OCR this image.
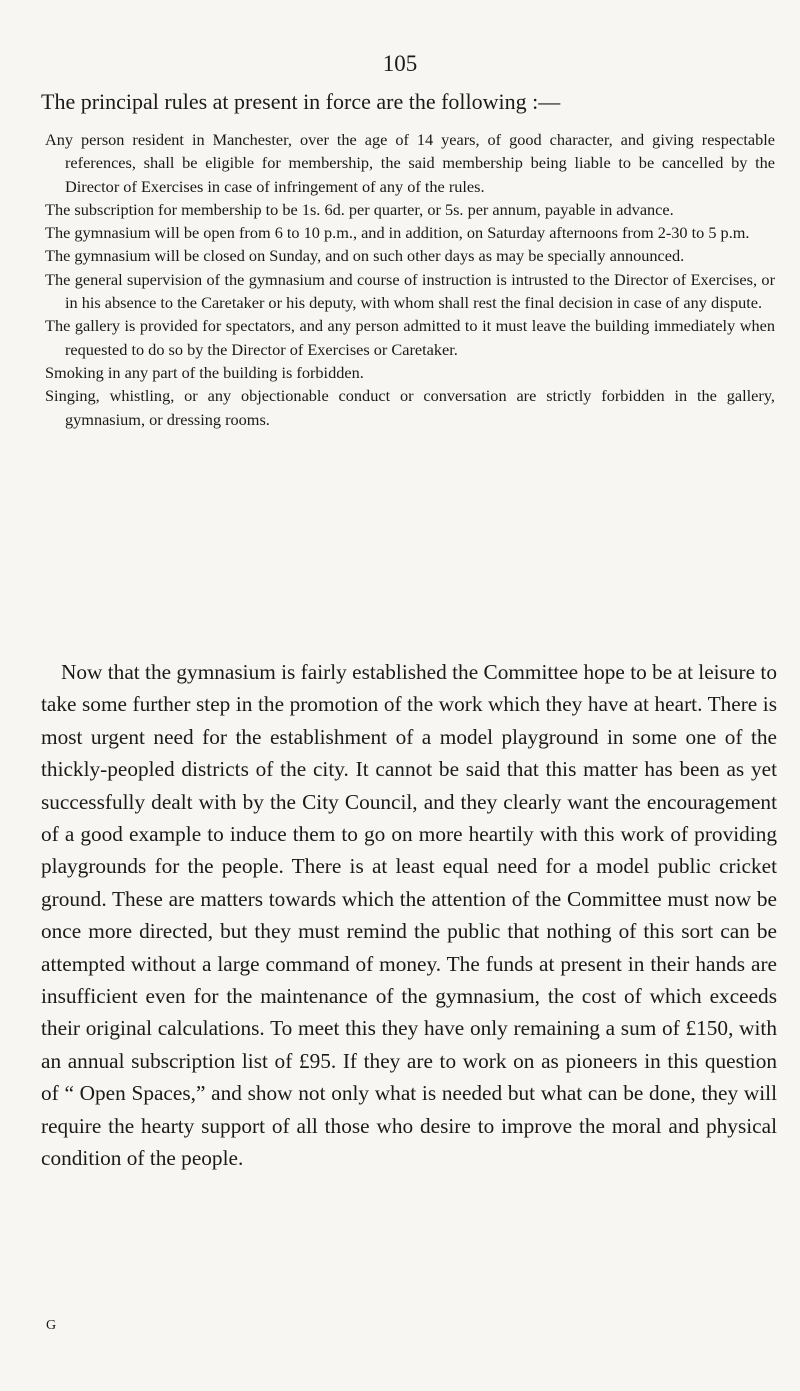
105

The principal rules at present in force are the following :—

Any person resident in Manchester, over the age of 14 years, of good character, and giving respectable references, shall be eligible for membership, the said membership being liable to be cancelled by the Director of Exercises in case of infringement of any of the rules.
The subscription for membership to be 1s. 6d. per quarter, or 5s. per annum, payable in advance.
The gymnasium will be open from 6 to 10 p.m., and in addition, on Saturday afternoons from 2-30 to 5 p.m.
The gymnasium will be closed on Sunday, and on such other days as may be specially announced.
The general supervision of the gymnasium and course of instruction is intrusted to the Director of Exercises, or in his absence to the Caretaker or his deputy, with whom shall rest the final decision in case of any dispute.
The gallery is provided for spectators, and any person admitted to it must leave the building immediately when requested to do so by the Director of Exercises or Caretaker.
Smoking in any part of the building is forbidden.
Singing, whistling, or any objectionable conduct or conversation are strictly forbidden in the gallery, gymnasium, or dressing rooms.

Now that the gymnasium is fairly established the Committee hope to be at leisure to take some further step in the promotion of the work which they have at heart. There is most urgent need for the establishment of a model playground in some one of the thickly-peopled districts of the city. It cannot be said that this matter has been as yet successfully dealt with by the City Council, and they clearly want the encouragement of a good example to induce them to go on more heartily with this work of providing playgrounds for the people. There is at least equal need for a model public cricket ground. These are matters towards which the attention of the Committee must now be once more directed, but they must remind the public that nothing of this sort can be attempted without a large command of money. The funds at present in their hands are insufficient even for the maintenance of the gymnasium, the cost of which exceeds their original calculations. To meet this they have only remaining a sum of £150, with an annual subscription list of £95. If they are to work on as pioneers in this question of “ Open Spaces,” and show not only what is needed but what can be done, they will require the hearty support of all those who desire to improve the moral and physical condition of the people.

G
